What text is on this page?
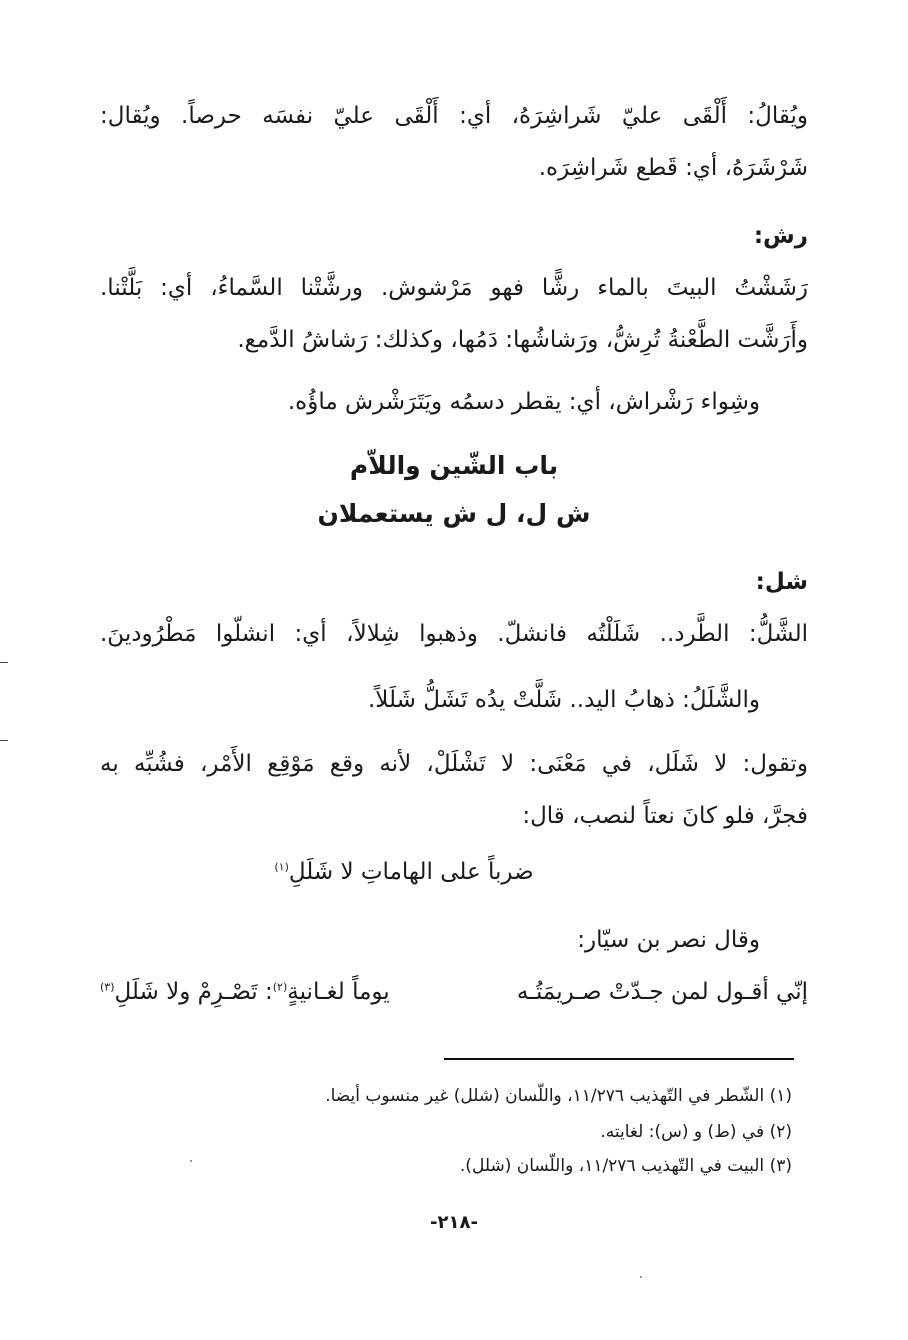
ويُقالُ: أَلْقَى عليّ شَراشِرَهُ، أي: أَلْقَى عليّ نفسَه حرصاً. ويُقال:
شَرْشَرَهُ، أي: قَطع شَراشِرَه.
رش:
رَشَشْتُ البيتَ بالماء رشًّا فهو مَرْشوش. ورشَّتْنا السَّماءُ، أي: بَلَّتْنا.
وأَرَشَّت الطَّعْنةُ تُرِشُّ، ورَشاشُها: دَمُها، وكذلك: رَشاشُ الدَّمع.
وشِواء رَشْراش، أي: يقطر دسمُه ويَتَرَشْرش ماؤُه.
باب الشّين واللاّم
ش ل، ل ش يستعملان
شل:
الشَّلُّ: الطَّرد.. شَلَلْتُه فانشلّ. وذهبوا شِلالاً، أي: انشلّوا مَطْرُودينَ.
والشَّلَلُ: ذهابُ اليد.. شَلَّتْ يدُه تَشَلُّ شَلَلاً.
وتقول: لا شَلَل، في مَعْنَى: لا تَشْلَلْ، لأنه وقع مَوْقِع الأَمْر، فشُبِّه به
فجرَّ، فلو كانَ نعتاً لنصب، قال:
ضرباً على الهاماتِ لا شَلَلِ$^{(١)}$
وقال نصر بن سيّار:
إنّي أقـول لمن جـدّتْ صـريمَتُـه
يوماً لغـانيةٍ$^{(٢)}$: تَصْـرِمْ ولا شَلَلِ$^{(٣)}$
(١) الشّطر في التّهذيب ١١/٢٧٦، واللّسان (شلل) غير منسوب أيضا.
(٢) في (ط) و (س): لغايته.
(٣) البيت في التّهذيب ١١/٢٧٦، واللّسان (شلل).
-٢١٨-
